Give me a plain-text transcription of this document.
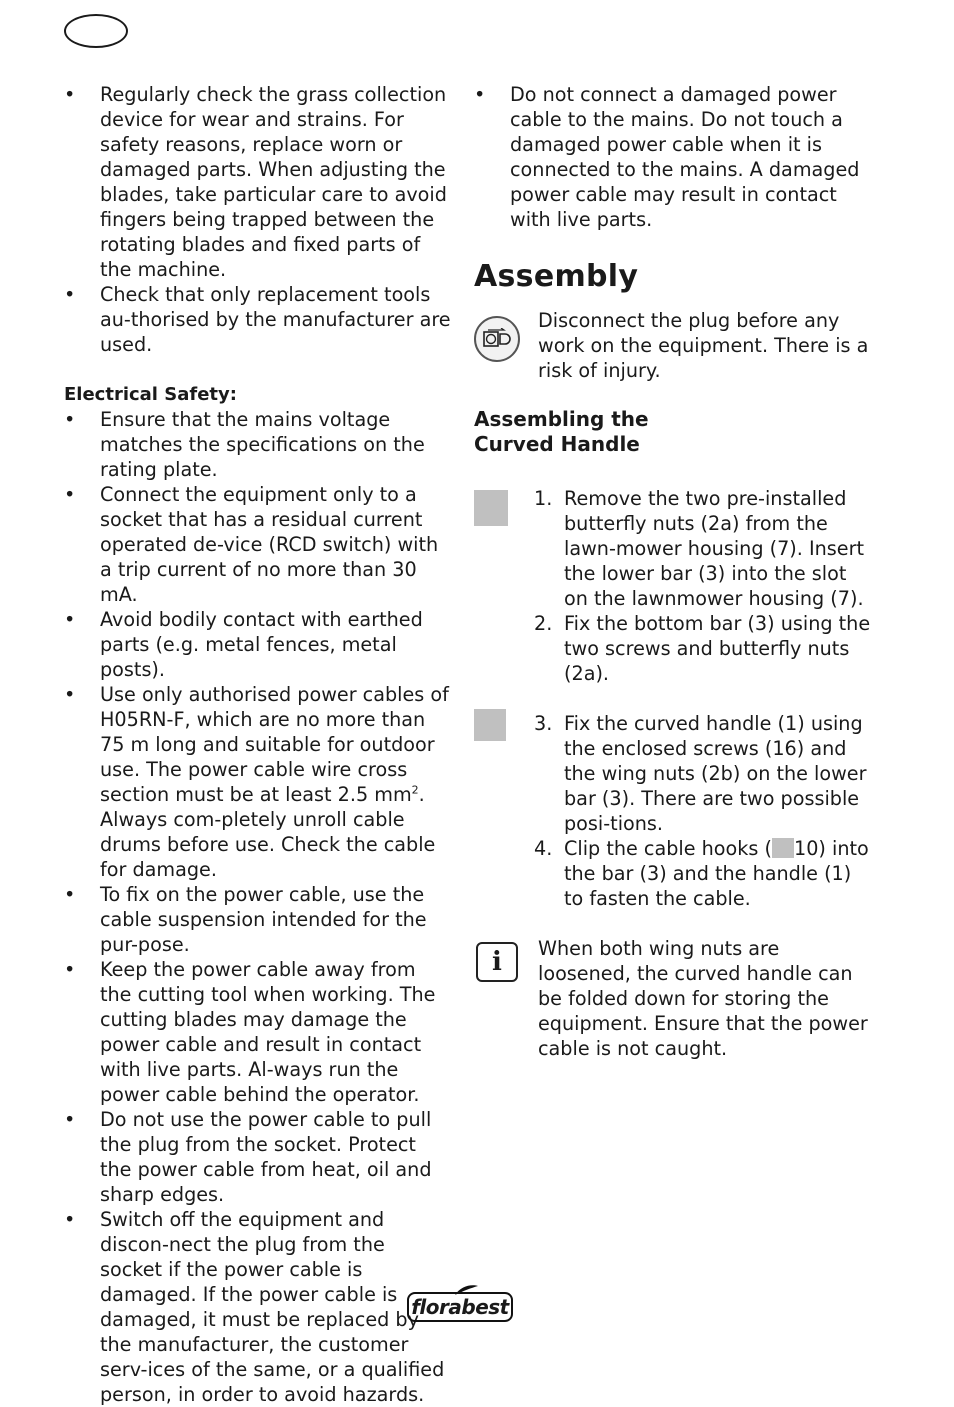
• Regularly check the grass collection device for wear and strains. For safety reasons, replace worn or damaged parts. When adjusting the blades, take particular care to avoid fingers being trapped between the rotating blades and fixed parts of the machine.
• Check that only replacement tools au-thorised by the manufacturer are used.
Electrical Safety:
• Ensure that the mains voltage matches the specifications on the rating plate.
• Connect the equipment only to a socket that has a residual current operated de-vice (RCD switch) with a trip current of no more than 30 mA.
• Avoid bodily contact with earthed parts (e.g. metal fences, metal posts).
• Use only authorised power cables of H05RN-F, which are no more than 75 m long and suitable for outdoor use. The power cable wire cross section must be at least 2.5 $mm^2$. Always com-pletely unroll cable drums before use. Check the cable for damage.
• To fix on the power cable, use the cable suspension intended for the pur-pose.
• Keep the power cable away from the cutting tool when working. The cutting blades may damage the power cable and result in contact with live parts. Al-ways run the power cable behind the operator.
• Do not use the power cable to pull the plug from the socket. Protect the power cable from heat, oil and sharp edges.
• Switch off the equipment and discon-nect the plug from the socket if the power cable is damaged. If the power cable is damaged, it must be replaced by the manufacturer, the customer serv-ices of the same, or a qualified person, in order to avoid hazards.
• Do not connect a damaged power cable to the mains. Do not touch a damaged power cable when it is connected to the mains. A damaged power cable may result in contact with live parts.
Assembly
Disconnect the plug before any work on the equipment. There is a risk of injury.
Assembling the Curved Handle
1. Remove the two pre-installed butterfly nuts (2a) from the lawn-mower housing (7). Insert the lower bar (3) into the slot on the lawnmower housing (7).
2. Fix the bottom bar (3) using the two screws and butterfly nuts (2a).
3. Fix the curved handle (1) using the enclosed screws (16) and the wing nuts (2b) on the lower bar (3). There are two possible posi-tions.
4. Clip the cable hooks ( 10) into the bar (3) and the handle (1) to fasten the cable.
i	When both wing nuts are loosened, the curved handle can be folded down for storing the equipment. Ensure that the power cable is not caught.
florabest
